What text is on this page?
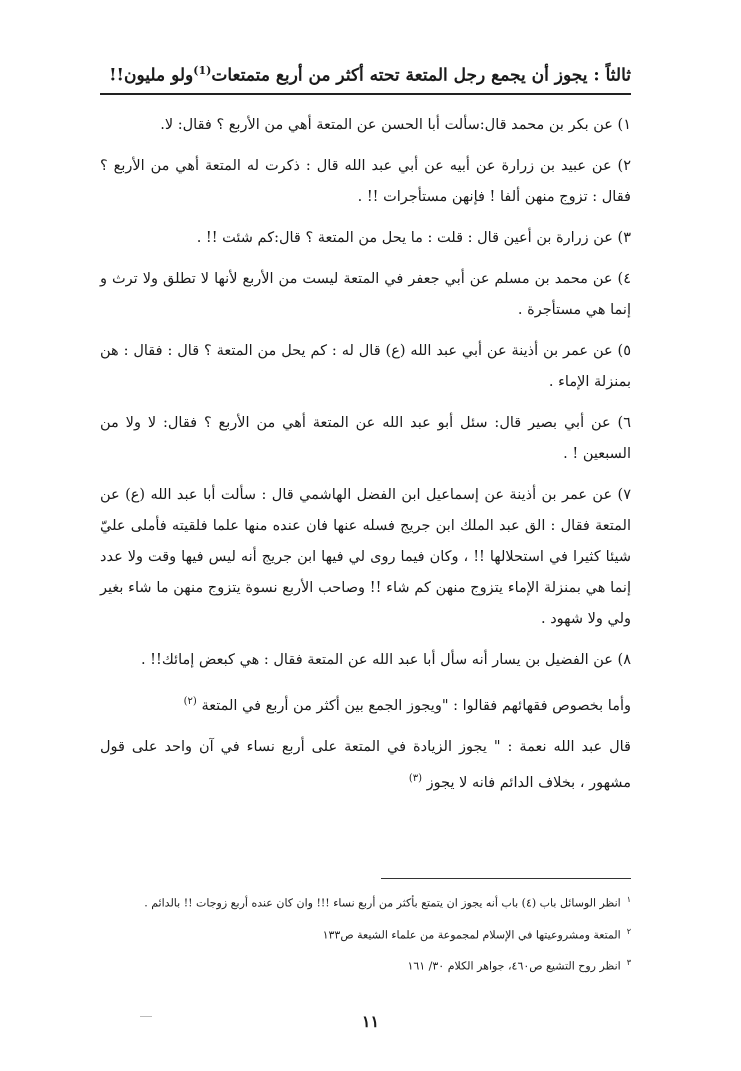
ثالثاً : يجوز أن يجمع رجل المتعة تحته أكثر من أربع متمتعات$^{(1)}$ولو مليون!!

١) عن بكر بن محمد قال:سألت أبا الحسن عن المتعة أهي من الأربع ؟ فقال: لا.

٢) عن عبيد بن زرارة عن أبيه عن أبي عبد الله قال : ذكرت له المتعة أهي من الأربع ؟ فقال : تزوج منهن ألفا ! فإنهن مستأجرات !! .

٣) عن زرارة بن أعين قال : قلت : ما يحل من المتعة ؟ قال:كم شئت !! .

٤) عن محمد بن مسلم عن أبي جعفر في المتعة ليست من الأربع لأنها لا تطلق ولا ترث و إنما هي مستأجرة .

٥) عن عمر بن أذينة عن أبي عبد الله (ع) قال له : كم يحل من المتعة ؟ قال : فقال : هن بمنزلة الإماء .

٦) عن أبي بصير قال: سئل أبو عبد الله عن المتعة أهي من الأربع ؟ فقال: لا ولا من السبعين ! .

٧) عن عمر بن أذينة عن إسماعيل ابن الفضل الهاشمي قال : سألت أبا عبد الله (ع) عن المتعة فقال : الق عبد الملك ابن جريج فسله عنها فان عنده منها علما فلقيته فأملى عليّ شيئا كثيرا في استحلالها !! ، وكان فيما روى لي فيها ابن جريج أنه ليس فيها وقت ولا عدد إنما هي بمنزلة الإماء يتزوج منهن كم شاء !! وصاحب الأربع نسوة يتزوج منهن ما شاء بغير ولي ولا شهود .

٨) عن الفضيل بن يسار أنه سأل أبا عبد الله عن المتعة فقال : هي كبعض إمائك!! .

وأما بخصوص فقهائهم فقالوا : "ويجوز الجمع بين أكثر من أربع في المتعة $^{(٢)}$

قال عبد الله نعمة : " يجوز الزيادة في المتعة على أربع نساء في آن واحد على قول مشهور ، بخلاف الدائم فانه لا يجوز $^{(٣)}$

$^١$انظر الوسائل باب (٤) باب أنه يجوز ان يتمتع بأكثر من أربع نساء !!! وان كان عنده أربع زوجات !! بالدائم .

$^٢$المتعة ومشروعيتها في الإسلام لمجموعة من علماء الشيعة ص١٣٣

$^٣$انظر روح التشيع ص٤٦٠، جواهر الكلام ٣٠/ ١٦١

١١
